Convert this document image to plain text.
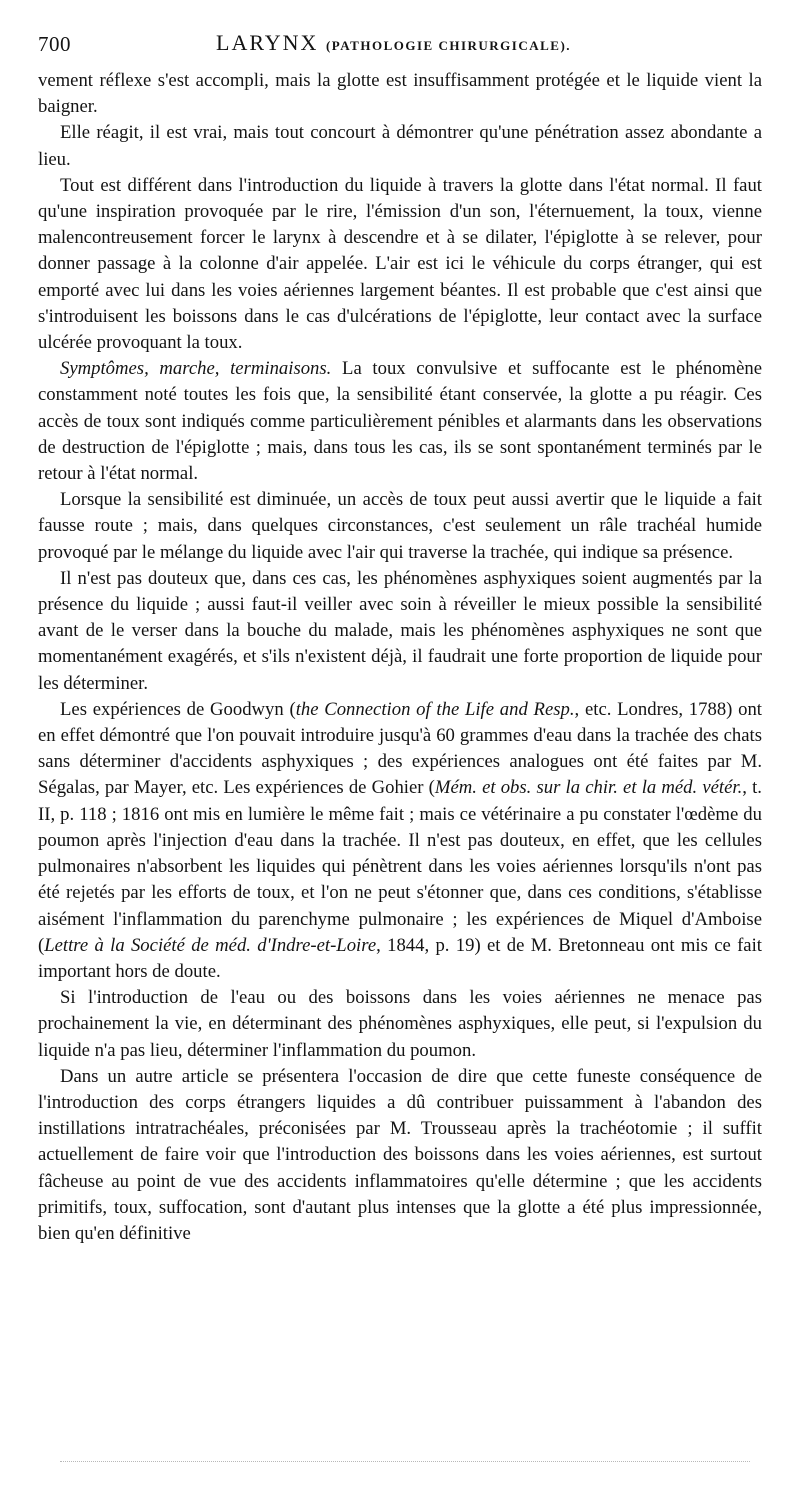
700	LARYNX (PATHOLOGIE CHIRURGICALE).

vement réflexe s'est accompli, mais la glotte est insuffisamment protégée et le liquide vient la baigner.

Elle réagit, il est vrai, mais tout concourt à démontrer qu'une pénétration assez abondante a lieu.

Tout est différent dans l'introduction du liquide à travers la glotte dans l'état normal. Il faut qu'une inspiration provoquée par le rire, l'émission d'un son, l'éternuement, la toux, vienne malencontreusement forcer le larynx à descendre et à se dilater, l'épiglotte à se relever, pour donner passage à la colonne d'air appelée. L'air est ici le véhicule du corps étranger, qui est emporté avec lui dans les voies aériennes largement béantes. Il est probable que c'est ainsi que s'introduisent les boissons dans le cas d'ulcérations de l'épiglotte, leur contact avec la surface ulcérée provoquant la toux.

Symptômes, marche, terminaisons. La toux convulsive et suffocante est le phénomène constamment noté toutes les fois que, la sensibilité étant conservée, la glotte a pu réagir. Ces accès de toux sont indiqués comme particulièrement pénibles et alarmants dans les observations de destruction de l'épiglotte ; mais, dans tous les cas, ils se sont spontanément terminés par le retour à l'état normal.

Lorsque la sensibilité est diminuée, un accès de toux peut aussi avertir que le liquide a fait fausse route ; mais, dans quelques circonstances, c'est seulement un râle trachéal humide provoqué par le mélange du liquide avec l'air qui traverse la trachée, qui indique sa présence.

Il n'est pas douteux que, dans ces cas, les phénomènes asphyxiques soient augmentés par la présence du liquide ; aussi faut-il veiller avec soin à réveiller le mieux possible la sensibilité avant de le verser dans la bouche du malade, mais les phénomènes asphyxiques ne sont que momentanément exagérés, et s'ils n'existent déjà, il faudrait une forte proportion de liquide pour les déterminer.

Les expériences de Goodwyn (the Connection of the Life and Resp., etc. Londres, 1788) ont en effet démontré que l'on pouvait introduire jusqu'à 60 grammes d'eau dans la trachée des chats sans déterminer d'accidents asphyxiques ; des expériences analogues ont été faites par M. Ségalas, par Mayer, etc. Les expériences de Gohier (Mém. et obs. sur la chir. et la méd. vétér., t. II, p. 118 ; 1816 ont mis en lumière le même fait ; mais ce vétérinaire a pu constater l'œdème du poumon après l'injection d'eau dans la trachée. Il n'est pas douteux, en effet, que les cellules pulmonaires n'absorbent les liquides qui pénètrent dans les voies aériennes lorsqu'ils n'ont pas été rejetés par les efforts de toux, et l'on ne peut s'étonner que, dans ces conditions, s'établisse aisément l'inflammation du parenchyme pulmonaire ; les expériences de Miquel d'Amboise (Lettre à la Société de méd. d'Indre-et-Loire, 1844, p. 19) et de M. Bretonneau ont mis ce fait important hors de doute.

Si l'introduction de l'eau ou des boissons dans les voies aériennes ne menace pas prochainement la vie, en déterminant des phénomènes asphyxiques, elle peut, si l'expulsion du liquide n'a pas lieu, déterminer l'inflammation du poumon.

Dans un autre article se présentera l'occasion de dire que cette funeste conséquence de l'introduction des corps étrangers liquides a dû contribuer puissamment à l'abandon des instillations intratrachéales, préconisées par M. Trousseau après la trachéotomie ; il suffit actuellement de faire voir que l'introduction des boissons dans les voies aériennes, est surtout fâcheuse au point de vue des accidents inflammatoires qu'elle détermine ; que les accidents primitifs, toux, suffocation, sont d'autant plus intenses que la glotte a été plus impressionnée, bien qu'en définitive
